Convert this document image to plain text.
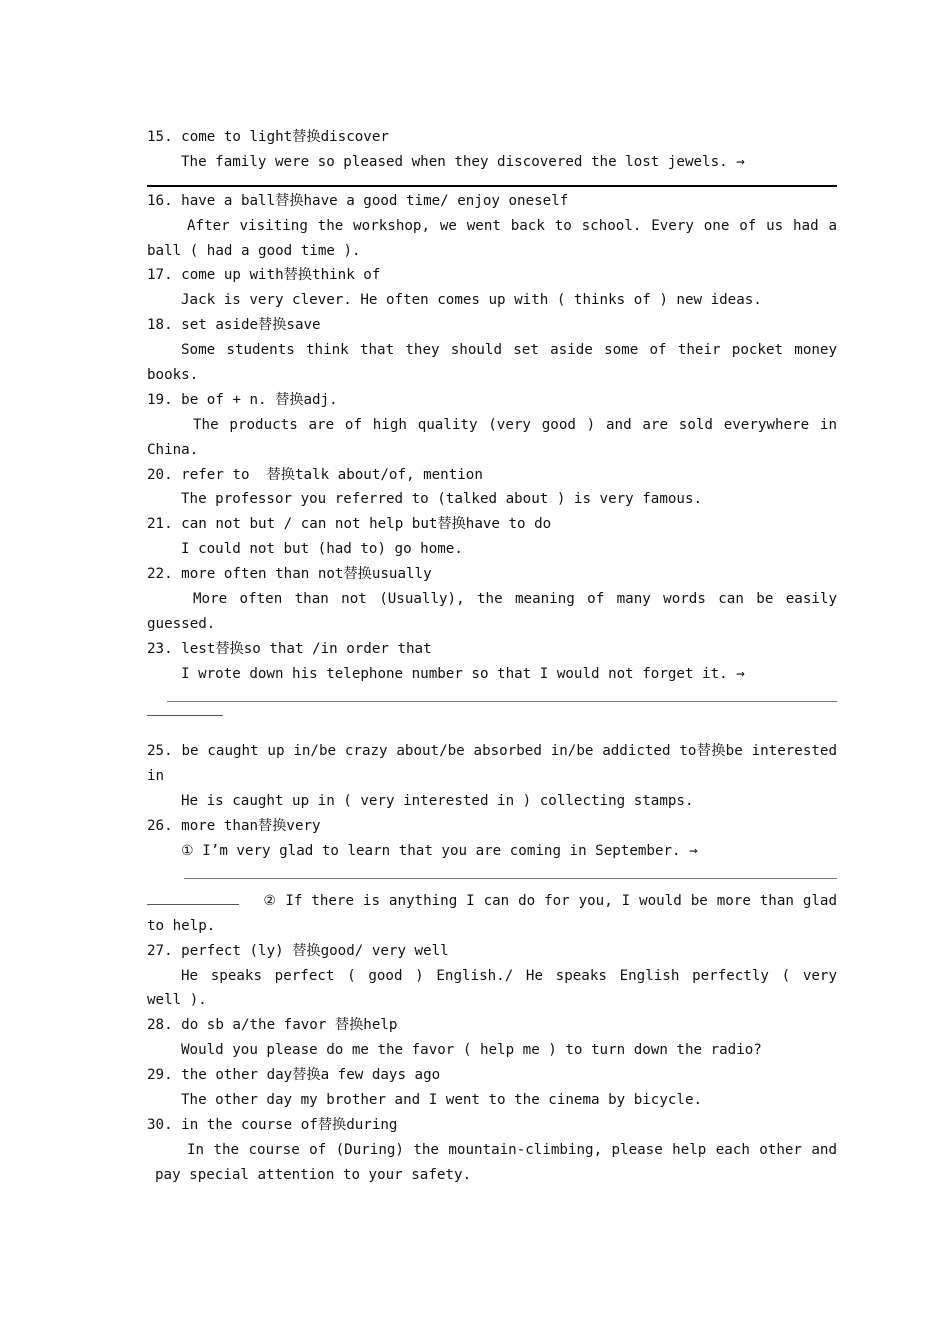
15. come to light替换discover
The family were so pleased when they discovered the lost jewels. →
16. have a ball替换have a good time/ enjoy oneself
After visiting the workshop, we went back to school. Every one of us had a
ball ( had a good time ).
17. come up with替换think of
Jack is very clever. He often comes up with ( thinks of ) new ideas.
18. set aside替换save
Some students think that they should set aside some of their pocket money
books.
19. be of + n. 替换adj.
The products are of high quality (very good ) and are sold everywhere in
China.
20. refer to  替换talk about/of, mention
The professor you referred to (talked about ) is very famous.
21. can not but / can not help but替换have to do
I could not but (had to) go home.
22. more often than not替换usually
More often than not (Usually), the meaning of many words can be easily
guessed.
23. lest替换so that /in order that
I wrote down his telephone number so that I would not forget it. →
25. be caught up in/be crazy about/be absorbed in/be addicted to替换be interested
in
He is caught up in ( very interested in ) collecting stamps.
26. more than替换very
① I’m very glad to learn that you are coming in September. →
② If there is anything I can do for you, I would be more than glad
to help.
27. perfect (ly) 替换good/ very well
He speaks perfect ( good ) English./ He speaks English perfectly ( very
well ).
28. do sb a/the favor 替换help
Would you please do me the favor ( help me ) to turn down the radio?
29. the other day替换a few days ago
The other day my brother and I went to the cinema by bicycle.
30. in the course of替换during
In the course of (During) the mountain-climbing, please help each other and
pay special attention to your safety.
